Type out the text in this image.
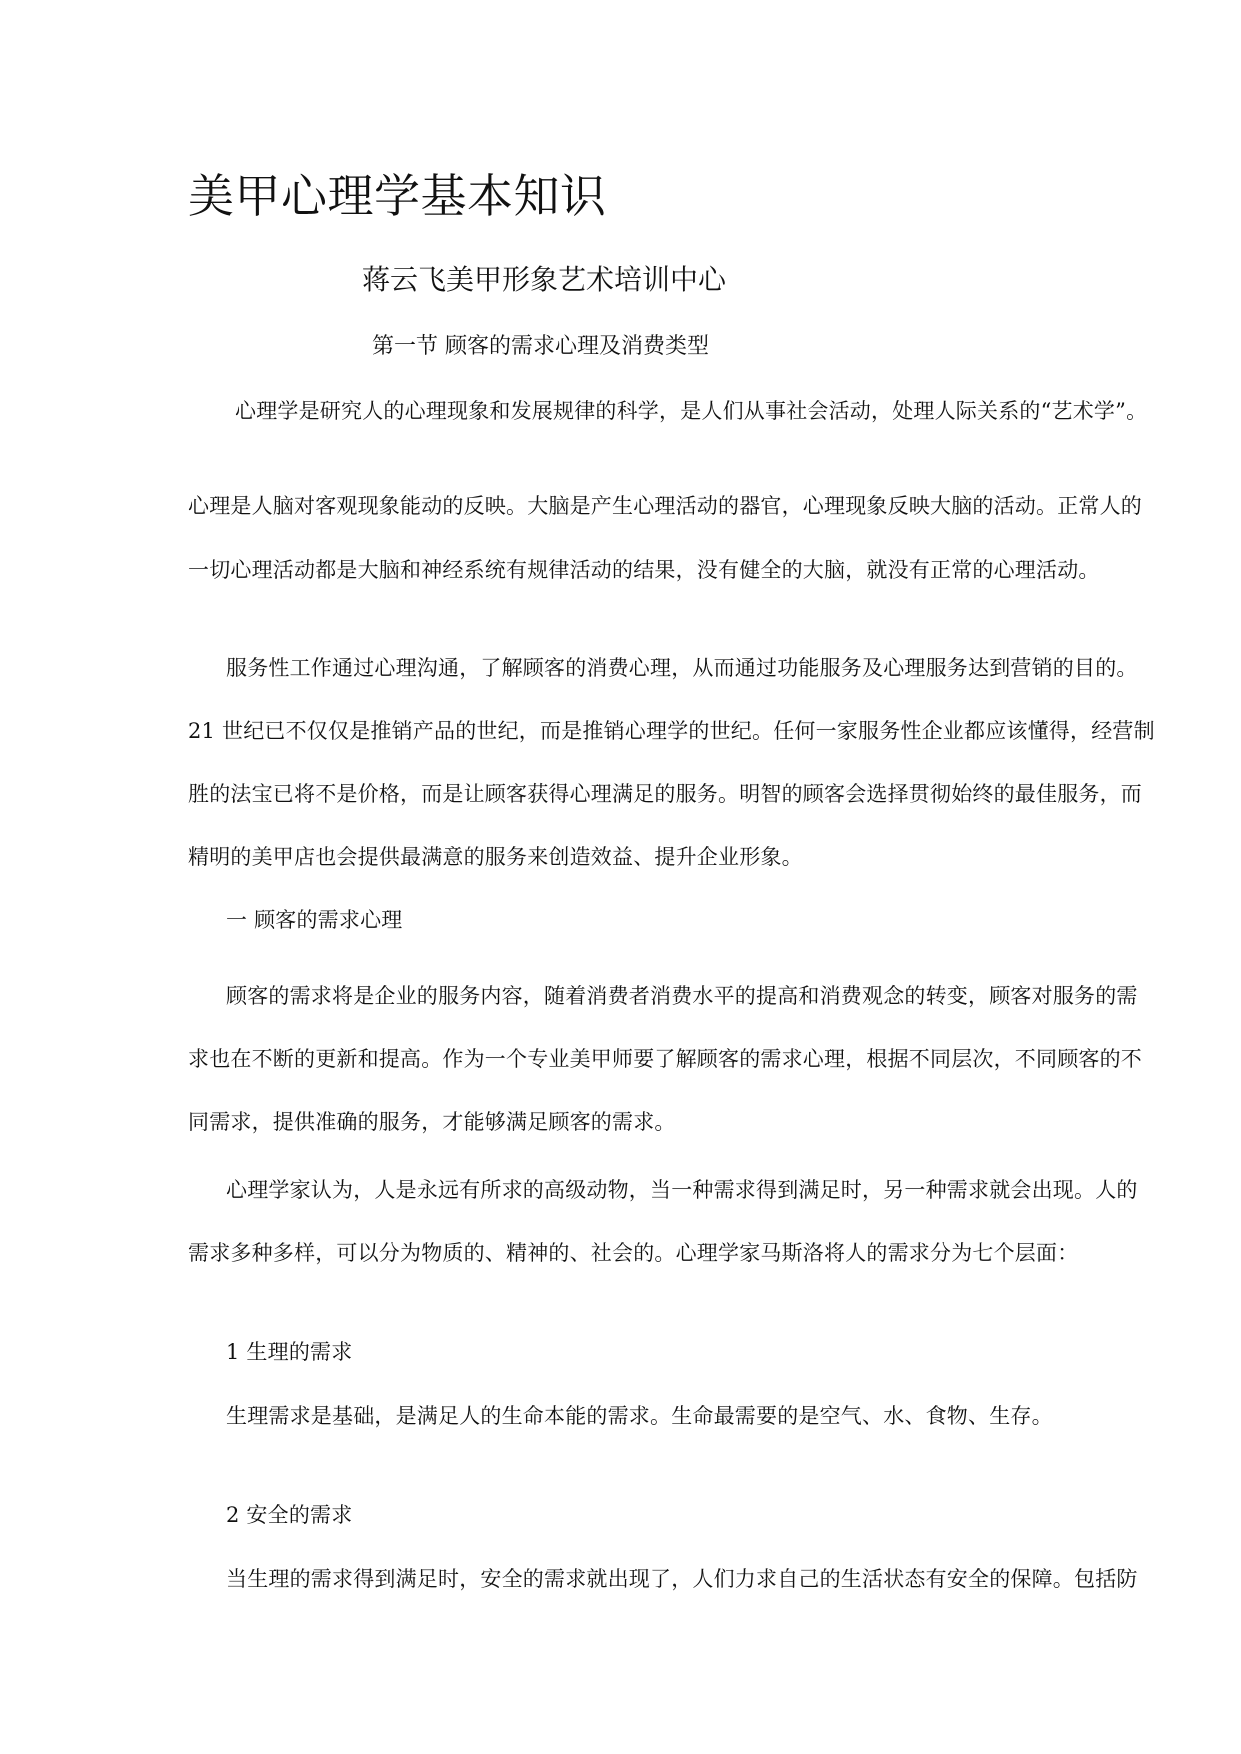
美甲心理学基本知识
蒋云飞美甲形象艺术培训中心
第一节 顾客的需求心理及消费类型
心理学是研究人的心理现象和发展规律的科学，是人们从事社会活动，处理人际关系的“艺术学”。
心理是人脑对客观现象能动的反映。大脑是产生心理活动的器官，心理现象反映大脑的活动。正常人的
一切心理活动都是大脑和神经系统有规律活动的结果，没有健全的大脑，就没有正常的心理活动。
服务性工作通过心理沟通，了解顾客的消费心理，从而通过功能服务及心理服务达到营销的目的。
21 世纪已不仅仅是推销产品的世纪，而是推销心理学的世纪。任何一家服务性企业都应该懂得，经营制
胜的法宝已将不是价格，而是让顾客获得心理满足的服务。明智的顾客会选择贯彻始终的最佳服务，而
精明的美甲店也会提供最满意的服务来创造效益、提升企业形象。
一 顾客的需求心理
顾客的需求将是企业的服务内容，随着消费者消费水平的提高和消费观念的转变，顾客对服务的需
求也在不断的更新和提高。作为一个专业美甲师要了解顾客的需求心理，根据不同层次，不同顾客的不
同需求，提供准确的服务，才能够满足顾客的需求。
心理学家认为，人是永远有所求的高级动物，当一种需求得到满足时，另一种需求就会出现。人的
需求多种多样，可以分为物质的、精神的、社会的。心理学家马斯洛将人的需求分为七个层面：
1 生理的需求
生理需求是基础，是满足人的生命本能的需求。生命最需要的是空气、水、食物、生存。
2 安全的需求
当生理的需求得到满足时，安全的需求就出现了，人们力求自己的生活状态有安全的保障。包括防
